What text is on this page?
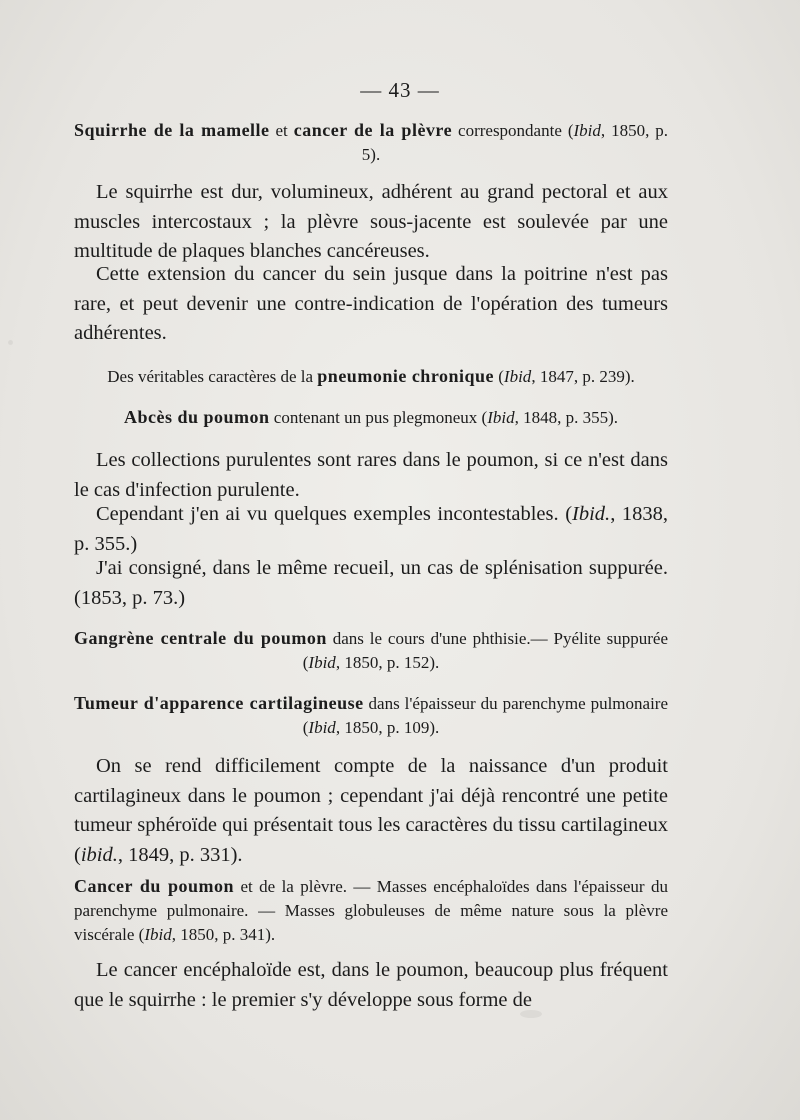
— 43 —

Squirrhe de la mamelle et cancer de la plèvre correspondante (Ibid, 1850, p. 5).

Le squirrhe est dur, volumineux, adhérent au grand pectoral et aux muscles intercostaux ; la plèvre sous-jacente est soulevée par une multitude de plaques blanches cancéreuses.

Cette extension du cancer du sein jusque dans la poitrine n'est pas rare, et peut devenir une contre-indication de l'opération des tumeurs adhérentes.

Des véritables caractères de la pneumonie chronique (Ibid, 1847, p. 239).

Abcès du poumon contenant un pus plegmoneux (Ibid, 1848, p. 355).

Les collections purulentes sont rares dans le poumon, si ce n'est dans le cas d'infection purulente.

Cependant j'en ai vu quelques exemples incontestables. (Ibid., 1838, p. 355.)

J'ai consigné, dans le même recueil, un cas de splénisation suppurée. (1853, p. 73.)

Gangrène centrale du poumon dans le cours d'une phthisie.— Pyélite suppurée (Ibid, 1850, p. 152).

Tumeur d'apparence cartilagineuse dans l'épaisseur du parenchyme pulmonaire (Ibid, 1850, p. 109).

On se rend difficilement compte de la naissance d'un produit cartilagineux dans le poumon ; cependant j'ai déjà rencontré une petite tumeur sphéroïde qui présentait tous les caractères du tissu cartilagineux (ibid., 1849, p. 331).

Cancer du poumon et de la plèvre. — Masses encéphaloïdes dans l'épaisseur du parenchyme pulmonaire. — Masses globuleuses de même nature sous la plèvre viscérale (Ibid, 1850, p. 341).

Le cancer encéphaloïde est, dans le poumon, beaucoup plus fréquent que le squirrhe : le premier s'y développe sous forme de
